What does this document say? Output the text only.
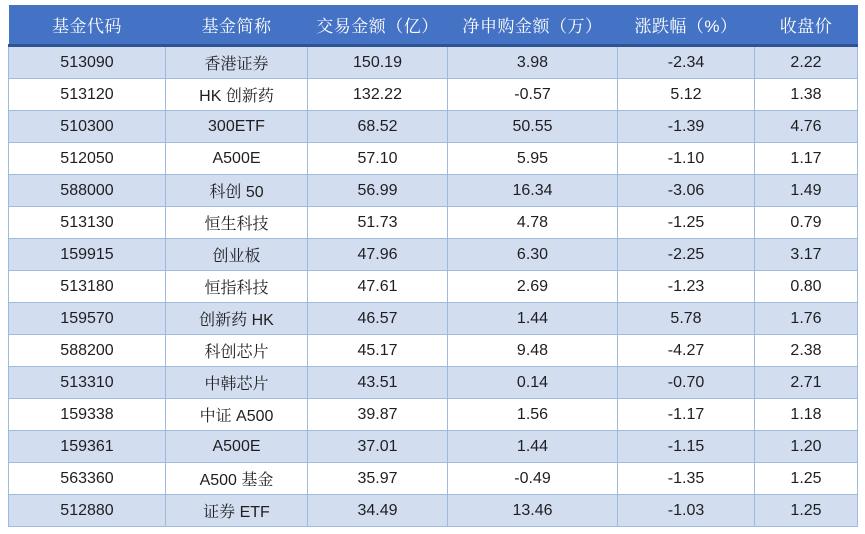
基金代码	基金简称	交易金额（亿）	净申购金额（万）	涨跌幅（%）	收盘价
513090	香港证券	150.19	3.98	-2.34	2.22
513120	HK 创新药	132.22	-0.57	5.12	1.38
510300	300ETF	68.52	50.55	-1.39	4.76
512050	A500E	57.10	5.95	-1.10	1.17
588000	科创 50	56.99	16.34	-3.06	1.49
513130	恒生科技	51.73	4.78	-1.25	0.79
159915	创业板	47.96	6.30	-2.25	3.17
513180	恒指科技	47.61	2.69	-1.23	0.80
159570	创新药 HK	46.57	1.44	5.78	1.76
588200	科创芯片	45.17	9.48	-4.27	2.38
513310	中韩芯片	43.51	0.14	-0.70	2.71
159338	中证 A500	39.87	1.56	-1.17	1.18
159361	A500E	37.01	1.44	-1.15	1.20
563360	A500 基金	35.97	-0.49	-1.35	1.25
512880	证券 ETF	34.49	13.46	-1.03	1.25
